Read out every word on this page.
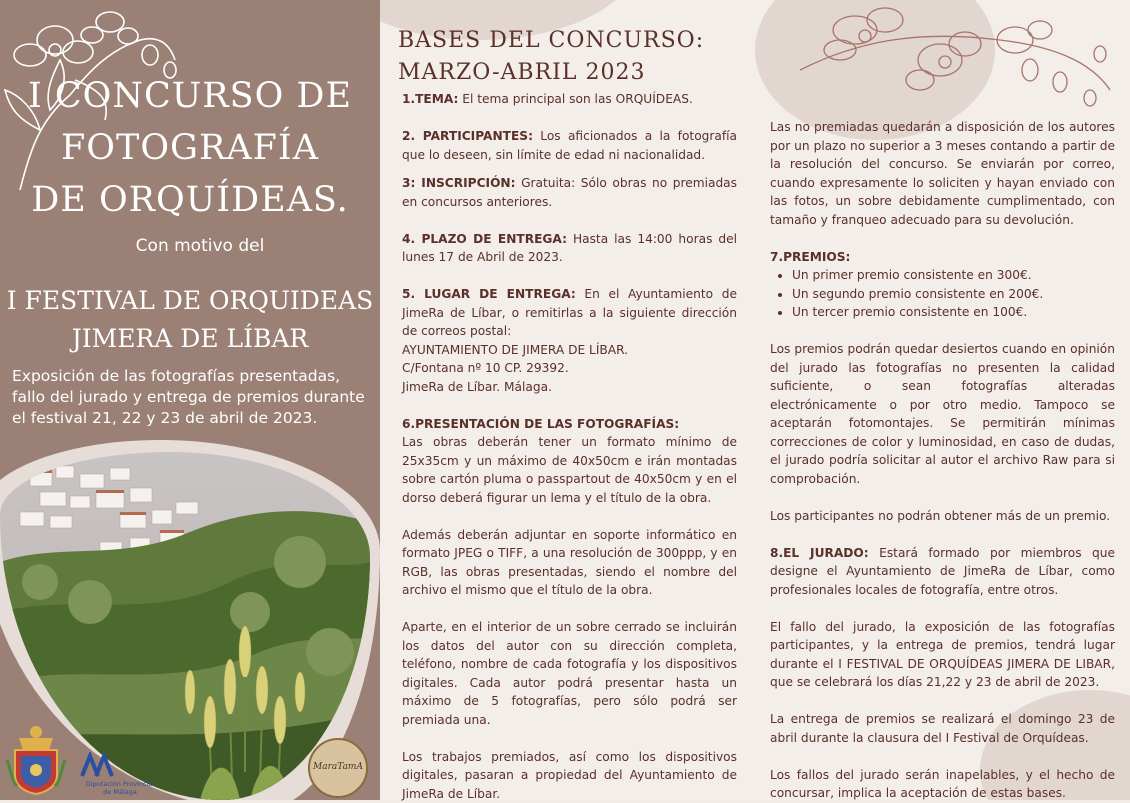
I CONCURSO DE
FOTOGRAFÍA
DE ORQUÍDEAS.
Con motivo del
I FESTIVAL DE ORQUIDEAS
JIMERA DE LÍBAR
Exposición de las fotografías presentadas, fallo del jurado y entrega de premios durante el festival 21, 22 y 23 de abril de 2023.
Diputación Provincial
de Málaga
MaraTamA
BASES DEL CONCURSO:
MARZO-ABRIL 2023

1.TEMA: El tema principal son las ORQUÍDEAS.

2. PARTICIPANTES: Los aficionados a la fotografía que lo deseen, sin límite de edad ni nacionalidad.

3: INSCRIPCIÓN: Gratuita: Sólo obras no premiadas en concursos anteriores.

4. PLAZO DE ENTREGA: Hasta las 14:00 horas del lunes 17 de Abril de 2023.

5. LUGAR DE ENTREGA: En el Ayuntamiento de JimeRa de Líbar, o remitirlas a la siguiente dirección de correos postal:

AYUNTAMIENTO DE JIMERA DE LÍBAR.

C/Fontana nº 10 CP. 29392.

JimeRa de Líbar. Málaga.

6.PRESENTACIÓN DE LAS FOTOGRAFÍAS:

Las obras deberán tener un formato mínimo de 25x35cm y un máximo de 40x50cm e irán montadas sobre cartón pluma o passpartout de 40x50cm y en el dorso deberá figurar un lema y el título de la obra.

Además deberán adjuntar en soporte informático en formato JPEG o TIFF, a una resolución de 300ppp, y en RGB, las obras presentadas, siendo el nombre del archivo el mismo que el título de la obra.

Aparte, en el interior de un sobre cerrado se incluirán los datos del autor con su dirección completa, teléfono, nombre de cada fotografía y los dispositivos digitales. Cada autor podrá presentar hasta un máximo de 5 fotografías, pero sólo podrá ser premiada una.

Los trabajos premiados, así como los dispositivos digitales, pasaran a propiedad del Ayuntamiento de JimeRa de Líbar.

Las no premiadas quedarán a disposición de los autores por un plazo no superior a 3 meses contando a partir de la resolución del concurso. Se enviarán por correo, cuando expresamente lo soliciten y hayan enviado con las fotos, un sobre debidamente cumplimentado, con tamaño y franqueo adecuado para su devolución.

7.PREMIOS:

• Un primer premio consistente en 300€.
• Un segundo premio consistente en 200€.
• Un tercer premio consistente en 100€.

Los premios podrán quedar desiertos cuando en opinión del jurado las fotografías no presenten la calidad suficiente, o sean fotografías alteradas electrónicamente o por otro medio. Tampoco se aceptarán fotomontajes. Se permitirán mínimas correcciones de color y luminosidad, en caso de dudas, el jurado podría solicitar al autor el archivo Raw para si comprobación.

Los participantes no podrán obtener más de un premio.

8.EL JURADO: Estará formado por miembros que designe el Ayuntamiento de JimeRa de Líbar, como profesionales locales de fotografía, entre otros.

El fallo del jurado, la exposición de las fotografías participantes, y la entrega de premios, tendrá lugar durante el I FESTIVAL DE ORQUÍDEAS JIMERA DE LIBAR, que se celebrará los días 21,22 y 23 de abril de 2023.

La entrega de premios se realizará el domingo 23 de abril durante la clausura del I Festival de Orquídeas.

Los fallos del jurado serán inapelables, y el hecho de concursar, implica la aceptación de estas bases.
